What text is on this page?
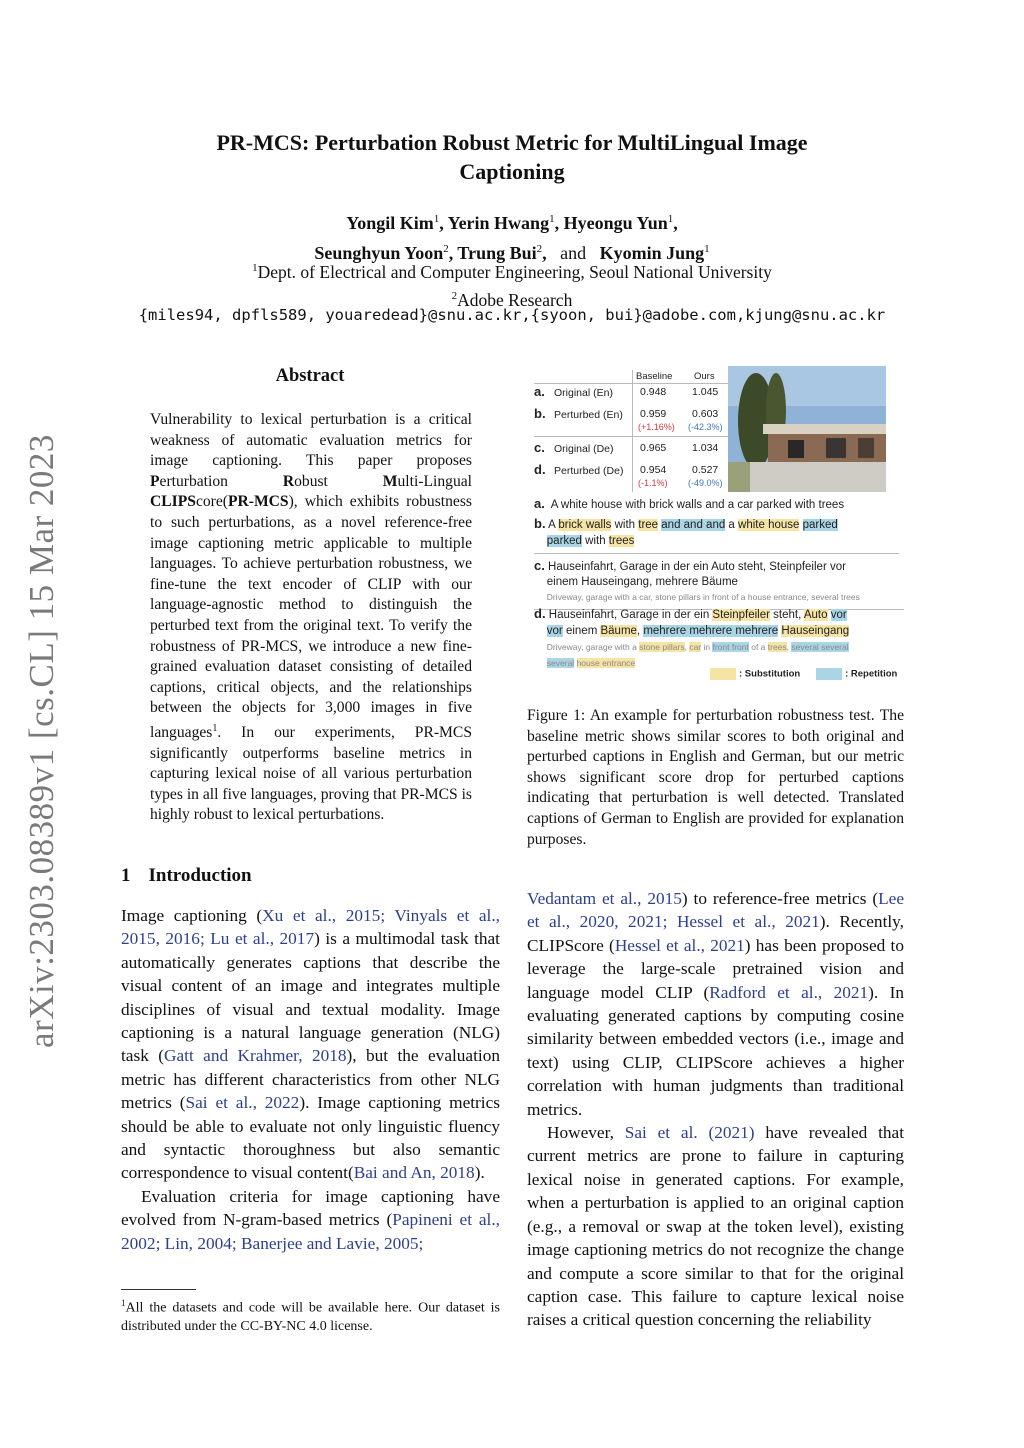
arXiv:2303.08389v1 [cs.CL] 15 Mar 2023
PR-MCS: Perturbation Robust Metric for MultiLingual Image
Captioning
Yongil Kim$^1$, Yerin Hwang$^1$, Hyeongu Yun$^1$,
Seunghyun Yoon$^2$, Trung Bui$^2$, and Kyomin Jung$^1$
$^1$Dept. of Electrical and Computer Engineering, Seoul National University
$^2$Adobe Research
{miles94, dpfls589, youaredead}@snu.ac.kr,{syoon, bui}@adobe.com,kjung@snu.ac.kr
Abstract
Vulnerability to lexical perturbation is a critical weakness of automatic evaluation metrics for image captioning. This paper proposes Perturbation Robust Multi-Lingual CLIPScore(PR-MCS), which exhibits robustness to such perturbations, as a novel reference-free image captioning metric applicable to multiple languages. To achieve perturbation robustness, we fine-tune the text encoder of CLIP with our language-agnostic method to distinguish the perturbed text from the original text. To verify the robustness of PR-MCS, we introduce a new fine-grained evaluation dataset consisting of detailed captions, critical objects, and the relationships between the objects for 3,000 images in five languages$^1$. In our experiments, PR-MCS significantly outperforms baseline metrics in capturing lexical noise of all various perturbation types in all five languages, proving that PR-MCS is highly robust to lexical perturbations.
1 Introduction

Image captioning (Xu et al., 2015; Vinyals et al., 2015, 2016; Lu et al., 2017) is a multimodal task that automatically generates captions that describe the visual content of an image and integrates multiple disciplines of visual and textual modality. Image captioning is a natural language generation (NLG) task (Gatt and Krahmer, 2018), but the evaluation metric has different characteristics from other NLG metrics (Sai et al., 2022). Image captioning metrics should be able to evaluate not only linguistic fluency and syntactic thoroughness but also semantic correspondence to visual content(Bai and An, 2018).

Evaluation criteria for image captioning have evolved from N-gram-based metrics (Papineni et al., 2002; Lin, 2004; Banerjee and Lavie, 2005;

$^1$All the datasets and code will be available here. Our dataset is distributed under the CC-BY-NC 4.0 license.
Baseline Ours
a. Original (En)	0.948 1.045
b. Perturbed (En) 0.959 0.603
(+1.16%) (-42.3%)
c. Original (De)	0.965 1.034
d. Perturbed (De) 0.954 0.527
(-1.1%) (-49.0%)
a. A white house with brick walls and a car parked with trees
b. A brick walls with tree and and and a white house parked
parked with trees
c. Hauseinfahrt, Garage in der ein Auto steht, Steinpfeiler vor
einem Hauseingang, mehrere Bäume
Driveway, garage with a car, stone pillars in front of a house entrance, several trees
d. Hauseinfahrt, Garage in der ein Steinpfeiler steht, Auto vor
vor einem Bäume, mehrere mehrere mehrere Hauseingang
Driveway, garage with a stone pillars, car in front front of a trees, several several
several house entrance
: Substitution	: Repetition
Figure 1: An example for perturbation robustness test. The baseline metric shows similar scores to both original and perturbed captions in English and German, but our metric shows significant score drop for perturbed captions indicating that perturbation is well detected. Translated captions of German to English are provided for explanation purposes.

Vedantam et al., 2015) to reference-free metrics (Lee et al., 2020, 2021; Hessel et al., 2021). Recently, CLIPScore (Hessel et al., 2021) has been proposed to leverage the large-scale pretrained vision and language model CLIP (Radford et al., 2021). In evaluating generated captions by computing cosine similarity between embedded vectors (i.e., image and text) using CLIP, CLIPScore achieves a higher correlation with human judgments than traditional metrics.

However, Sai et al. (2021) have revealed that current metrics are prone to failure in capturing lexical noise in generated captions. For example, when a perturbation is applied to an original caption (e.g., a removal or swap at the token level), existing image captioning metrics do not recognize the change and compute a score similar to that for the original caption case. This failure to capture lexical noise raises a critical question concerning the reliability
